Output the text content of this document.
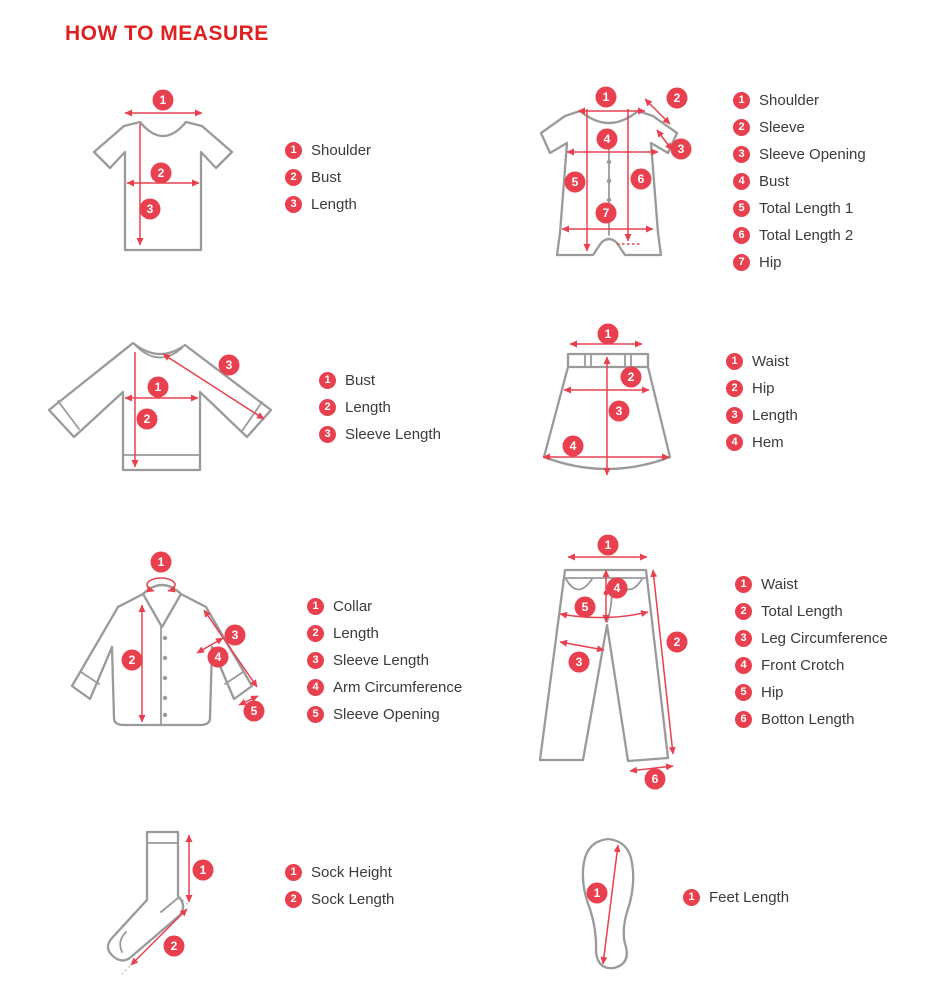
HOW TO MEASURE
1
2
3
1 Shoulder
2 Bust
3 Length
1	2
3
4
5	6
7
1 Shoulder
2 Sleeve
3 Sleeve Opening
4 Bust
5 Total Length 1
6 Total Length 2
7 Hip
1
2
3
1 Bust
2 Length
3 Sleeve Length
1
2
3
4
1 Waist
2 Hip
3 Length
4 Hem
1
2
3
4
5
1 Collar
2 Length
3 Sleeve Length
4 Arm Circumference
5 Sleeve Opening
1
2
3
4
5
6
1 Waist
2 Total Length
3 Leg Circumference
4 Front Crotch
5 Hip
6 Botton Length
1
2
1 Sock Height
2 Sock Length	1	1 Feet Length
